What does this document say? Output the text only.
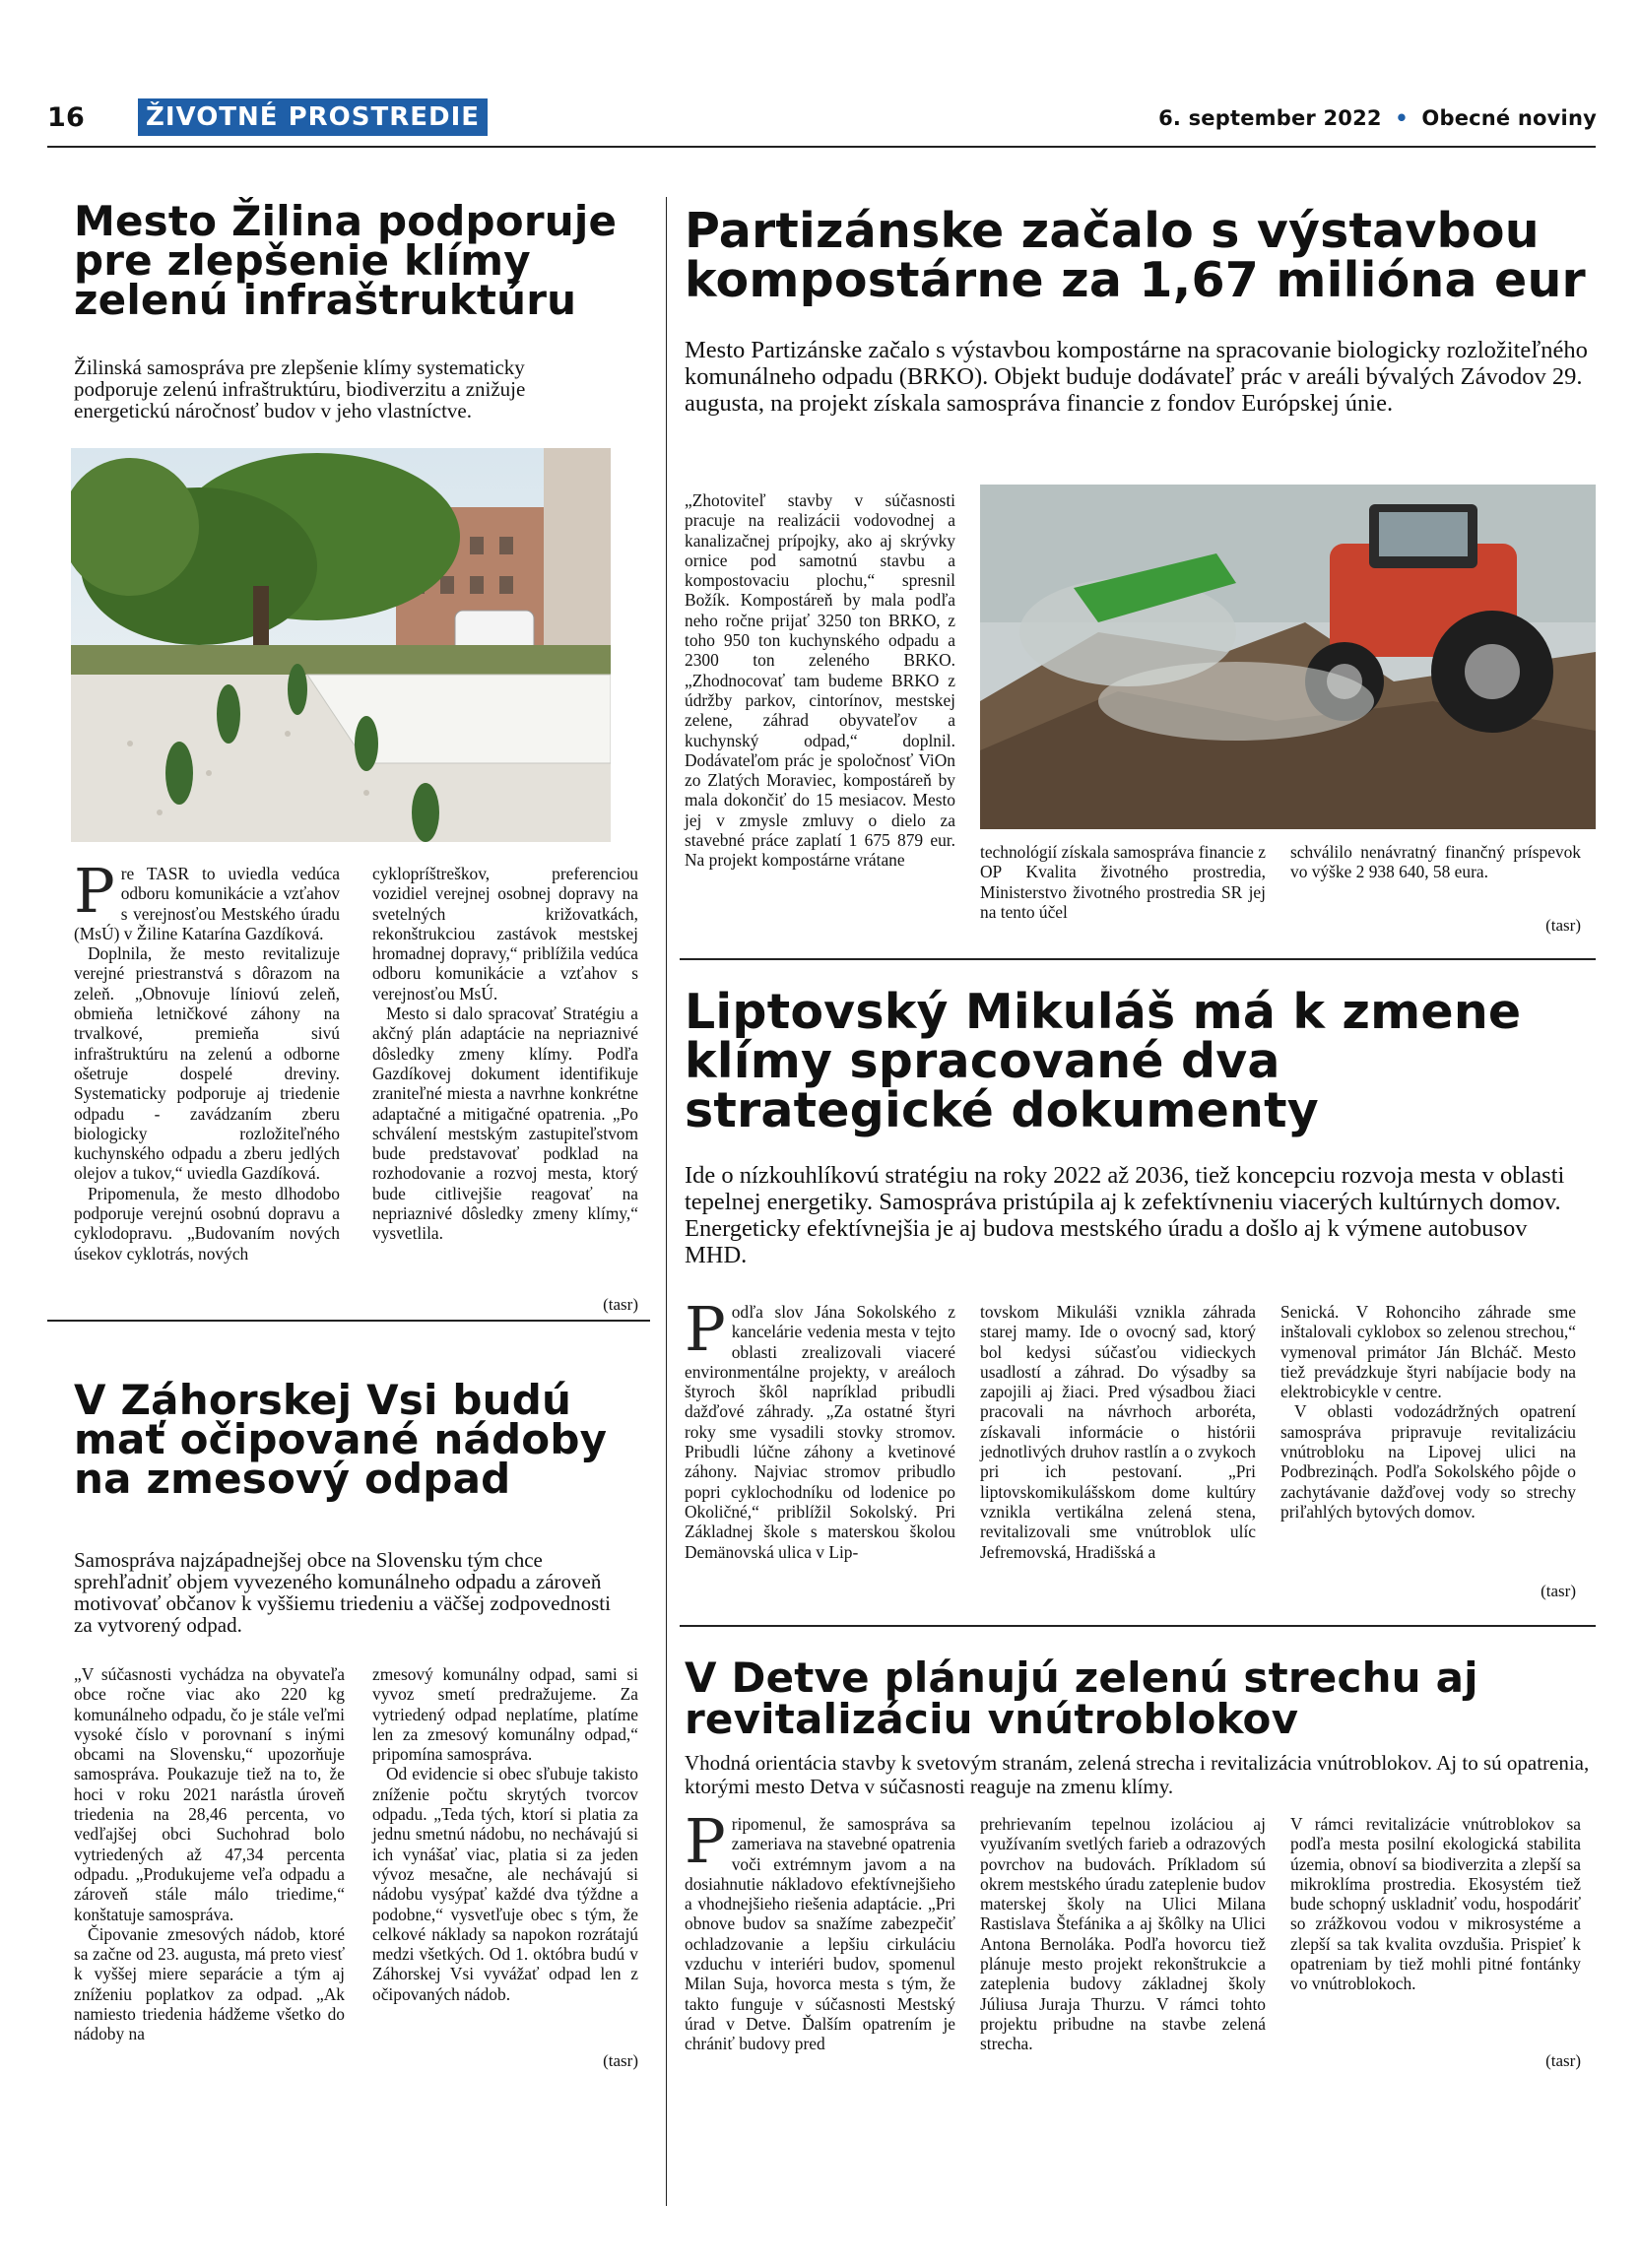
16	ŽIVOTNÉ PROSTREDIE	6. september 2022 • Obecné noviny
Mesto Žilina podporuje pre zlepšenie klímy zelenú infraštruktúru

Žilinská samospráva pre zlepšenie klímy systematicky podporuje zelenú infraštruktúru, biodiverzitu a znižuje energetickú náročnosť budov v jeho vlastníctve.

P re TASR to uviedla vedúca odboru komunikácie a vzťahov s verejnosťou Mestského úradu (MsÚ) v Žiline Katarína Gazdíková.

Doplnila, že mesto revitalizuje verejné priestranstvá s dôrazom na zeleň. „Obnovuje líniovú zeleň, obmieňa letničkové záhony na trvalkové, premieňa sivú infraštruktúru na zelenú a odborne ošetruje dospelé dreviny. Systematicky podporuje aj triedenie odpadu - zavádzaním zberu biologicky rozložiteľného kuchynského odpadu a zberu jedlých olejov a tukov,“ uviedla Gazdíková.

Pripomenula, že mesto dlhodobo podporuje verejnú osobnú dopravu a cyklodopravu. „Budovaním nových úsekov cyklotrás, nových

cyklopríštreškov, preferenciou vozidiel verejnej osobnej dopravy na svetelných križovatkách, rekonštrukciou zastávok mestskej hromadnej dopravy,“ priblížila vedúca odboru komunikácie a vzťahov s verejnosťou MsÚ.

Mesto si dalo spracovať Stratégiu a akčný plán adaptácie na nepriaznivé dôsledky zmeny klímy. Podľa Gazdíkovej dokument identifikuje zraniteľné miesta a navrhne konkrétne adaptačné a mitigačné opatrenia. „Po schválení mestským zastupiteľstvom bude predstavovať podklad na rozhodovanie a rozvoj mesta, ktorý bude citlivejšie reagovať na nepriaznivé dôsledky zmeny klímy,“ vysvetlila.

(tasr)
Partizánske začalo s výstavbou kompostárne za 1,67 milióna eur

Mesto Partizánske začalo s výstavbou kompostárne na spracovanie biologicky rozložiteľného komunálneho odpadu (BRKO). Objekt buduje dodávateľ prác v areáli bývalých Závodov 29. augusta, na projekt získala samospráva financie z fondov Európskej únie.

„Zhotoviteľ stavby v súčasnosti pracuje na realizácii vodovodnej a kanalizačnej prípojky, ako aj skrývky ornice pod samotnú stavbu a kompostovaciu plochu,“ spresnil Božík. Kompostáreň by mala podľa neho ročne prijať 3250 ton BRKO, z toho 950 ton kuchynského odpadu a 2300 ton zeleného BRKO. „Zhodnocovať tam budeme BRKO z údržby parkov, cintorínov, mestskej zelene, záhrad obyvateľov a kuchynský odpad,“ doplnil. Dodávateľom prác je spoločnosť ViOn zo Zlatých Moraviec, kompostáreň by mala dokončiť do 15 mesiacov. Mesto jej v zmysle zmluvy o dielo za stavebné práce zaplatí 1 675 879 eur. Na projekt kompostárne vrátane	technológií získala samospráva financie z OP Kvalita životného prostredia, Ministerstvo životného prostredia SR jej na tento účel

schválilo nenávratný finančný príspevok vo výške 2 938 640, 58 eura.

(tasr)
Liptovský Mikuláš má k zmene klímy spracované dva strategické dokumenty

Ide o nízkouhlíkovú stratégiu na roky 2022 až 2036, tiež koncepciu rozvoja mesta v oblasti tepelnej energetiky. Samospráva pristúpila aj k zefektívneniu viacerých kultúrnych domov. Energeticky efektívnejšia je aj budova mestského úradu a došlo aj k výmene autobusov MHD.

P odľa slov Jána Sokolského z kancelárie vedenia mesta v tejto oblasti zrealizovali viaceré environmentálne projekty, v areáloch štyroch škôl napríklad pribudli dažďové záhrady. „Za ostatné štyri roky sme vysadili stovky stromov. Pribudli lúčne záhony a kvetinové záhony. Najviac stromov pribudlo popri cyklochodníku od lodenice po Okoličné,“ priblížil Sokolský. Pri Základnej škole s materskou školou Demänovská ulica v Lip-

tovskom Mikuláši vznikla záhrada starej mamy. Ide o ovocný sad, ktorý bol kedysi súčasťou vidieckych usadlostí a záhrad. Do výsadby sa zapojili aj žiaci. Pred výsadbou žiaci pracovali na návrhoch arboréta, získavali informácie o histórii jednotlivých druhov rastlín a o zvykoch pri ich pestovaní. „Pri liptovskomikulášskom dome kultúry vznikla vertikálna zelená stena, revitalizovali sme vnútroblok ulíc Jefremovská, Hradišská a

Senická. V Rohonciho záhrade sme inštalovali cyklobox so zelenou strechou,“ vymenoval primátor Ján Blcháč. Mesto tiež prevádzkuje štyri nabíjacie body na elektrobicykle v centre.

V oblasti vodozádržných opatrení samospráva pripravuje revitalizáciu vnútrobloku na Lipovej ulici na Podbreziną́ch. Podľa Sokolského pôjde o zachytávanie dažďovej vody so strechy priľahlých bytových domov.

(tasr)
V Záhorskej Vsi budú mať očipované nádoby na zmesový odpad

Samospráva najzápadnejšej obce na Slovensku tým chce sprehľadniť objem vyvezeného komunálneho odpadu a zároveň motivovať občanov k vyššiemu triedeniu a väčšej zodpovednosti za vytvorený odpad.

„V súčasnosti vychádza na obyvateľa obce ročne viac ako 220 kg komunálneho odpadu, čo je stále veľmi vysoké číslo v porovnaní s inými obcami na Slovensku,“ upozorňuje samospráva. Poukazuje tiež na to, že hoci v roku 2021 narástla úroveň triedenia na 28,46 percenta, vo vedľajšej obci Suchohrad bolo vytriedených až 47,34 percenta odpadu. „Produkujeme veľa odpadu a zároveň stále málo triedime,“ konštatuje samospráva.

Čipovanie zmesových nádob, ktoré sa začne od 23. augusta, má preto viesť k vyššej miere separácie a tým aj zníženiu poplatkov za odpad. „Ak namiesto triedenia hádžeme všetko do nádoby na

zmesový komunálny odpad, sami si vyvoz smetí predražujeme. Za vytriedený odpad neplatíme, platíme len za zmesový komunálny odpad,“ pripomína samospráva.

Od evidencie si obec sľubuje takisto zníženie počtu skrytých tvorcov odpadu. „Teda tých, ktorí si platia za jednu smetnú nádobu, no nechávajú si ich vynášať viac, platia si za jeden vývoz mesačne, ale nechávajú si nádobu vysýpať každé dva týždne a podobne,“ vysvetľuje obec s tým, že celkové náklady sa napokon rozrátajú medzi všetkých. Od 1. októbra budú v Záhorskej Vsi vyvážať odpad len z očipovaných nádob.

(tasr)
V Detve plánujú zelenú strechu aj revitalizáciu vnútroblokov

Vhodná orientácia stavby k svetovým stranám, zelená strecha i revitalizácia vnútroblokov. Aj to sú opatrenia, ktorými mesto Detva v súčasnosti reaguje na zmenu klímy.

P ripomenul, že samospráva sa zameriava na stavebné opatrenia voči extrémnym javom a na dosiahnutie nákladovo efektívnejšieho a vhodnejšieho riešenia adaptácie. „Pri obnove budov sa snažíme zabezpečiť ochladzovanie a lepšiu cirkuláciu vzduchu v interiéri budov, spomenul Milan Suja, hovorca mesta s tým, že takto funguje v súčasnosti Mestský úrad v Detve. Ďalším opatrením je chrániť budovy pred

prehrievaním tepelnou izoláciou aj využívaním svetlých farieb a odrazových povrchov na budovách. Príkladom sú okrem mestského úradu zateplenie budov materskej školy na Ulici Milana Rastislava Štefánika a aj škôlky na Ulici Antona Bernoláka. Podľa hovorcu tiež plánuje mesto projekt rekonštrukcie a zateplenia budovy základnej školy Júliusa Juraja Thurzu. V rámci tohto projektu pribudne na stavbe zelená strecha.

V rámci revitalizácie vnútroblokov sa podľa mesta posilní ekologická stabilita územia, obnoví sa biodiverzita a zlepší sa mikroklíma prostredia. Ekosystém tiež bude schopný uskladniť vodu, hospodáriť so zrážkovou vodou v mikrosystéme a zlepší sa tak kvalita ovzdušia. Prispieť k opatreniam by tiež mohli pitné fontánky vo vnútroblokoch.

(tasr)
